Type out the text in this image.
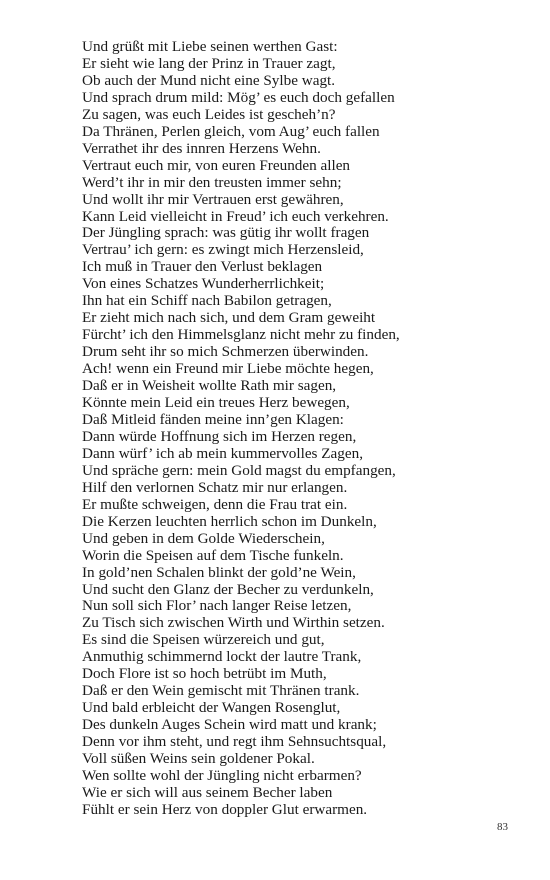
Und grüßt mit Liebe seinen werthen Gast:
Er sieht wie lang der Prinz in Trauer zagt,
Ob auch der Mund nicht eine Sylbe wagt.
Und sprach drum mild: Mög’ es euch doch gefallen
Zu sagen, was euch Leides ist gescheh’n?
Da Thränen, Perlen gleich, vom Aug’ euch fallen
Verrathet ihr des innren Herzens Wehn.
Vertraut euch mir, von euren Freunden allen
Werd’t ihr in mir den treusten immer sehn;
Und wollt ihr mir Vertrauen erst gewähren,
Kann Leid vielleicht in Freud’ ich euch verkehren.
Der Jüngling sprach: was gütig ihr wollt fragen
Vertrau’ ich gern: es zwingt mich Herzensleid,
Ich muß in Trauer den Verlust beklagen
Von eines Schatzes Wunderherrlichkeit;
Ihn hat ein Schiff nach Babilon getragen,
Er zieht mich nach sich, und dem Gram geweiht
Fürcht’ ich den Himmelsglanz nicht mehr zu finden,
Drum seht ihr so mich Schmerzen überwinden.
Ach! wenn ein Freund mir Liebe möchte hegen,
Daß er in Weisheit wollte Rath mir sagen,
Könnte mein Leid ein treues Herz bewegen,
Daß Mitleid fänden meine inn’gen Klagen:
Dann würde Hoffnung sich im Herzen regen,
Dann würf’ ich ab mein kummervolles Zagen,
Und spräche gern: mein Gold magst du empfangen,
Hilf den verlornen Schatz mir nur erlangen.
Er mußte schweigen, denn die Frau trat ein.
Die Kerzen leuchten herrlich schon im Dunkeln,
Und geben in dem Golde Wiederschein,
Worin die Speisen auf dem Tische funkeln.
In gold’nen Schalen blinkt der gold’ne Wein,
Und sucht den Glanz der Becher zu verdunkeln,
Nun soll sich Flor’ nach langer Reise letzen,
Zu Tisch sich zwischen Wirth und Wirthin setzen.
Es sind die Speisen würzereich und gut,
Anmuthig schimmernd lockt der lautre Trank,
Doch Flore ist so hoch betrübt im Muth,
Daß er den Wein gemischt mit Thränen trank.
Und bald erbleicht der Wangen Rosenglut,
Des dunkeln Auges Schein wird matt und krank;
Denn vor ihm steht, und regt ihm Sehnsuchtsqual,
Voll süßen Weins sein goldener Pokal.
Wen sollte wohl der Jüngling nicht erbarmen?
Wie er sich will aus seinem Becher laben
Fühlt er sein Herz von doppler Glut erwarmen.
83
